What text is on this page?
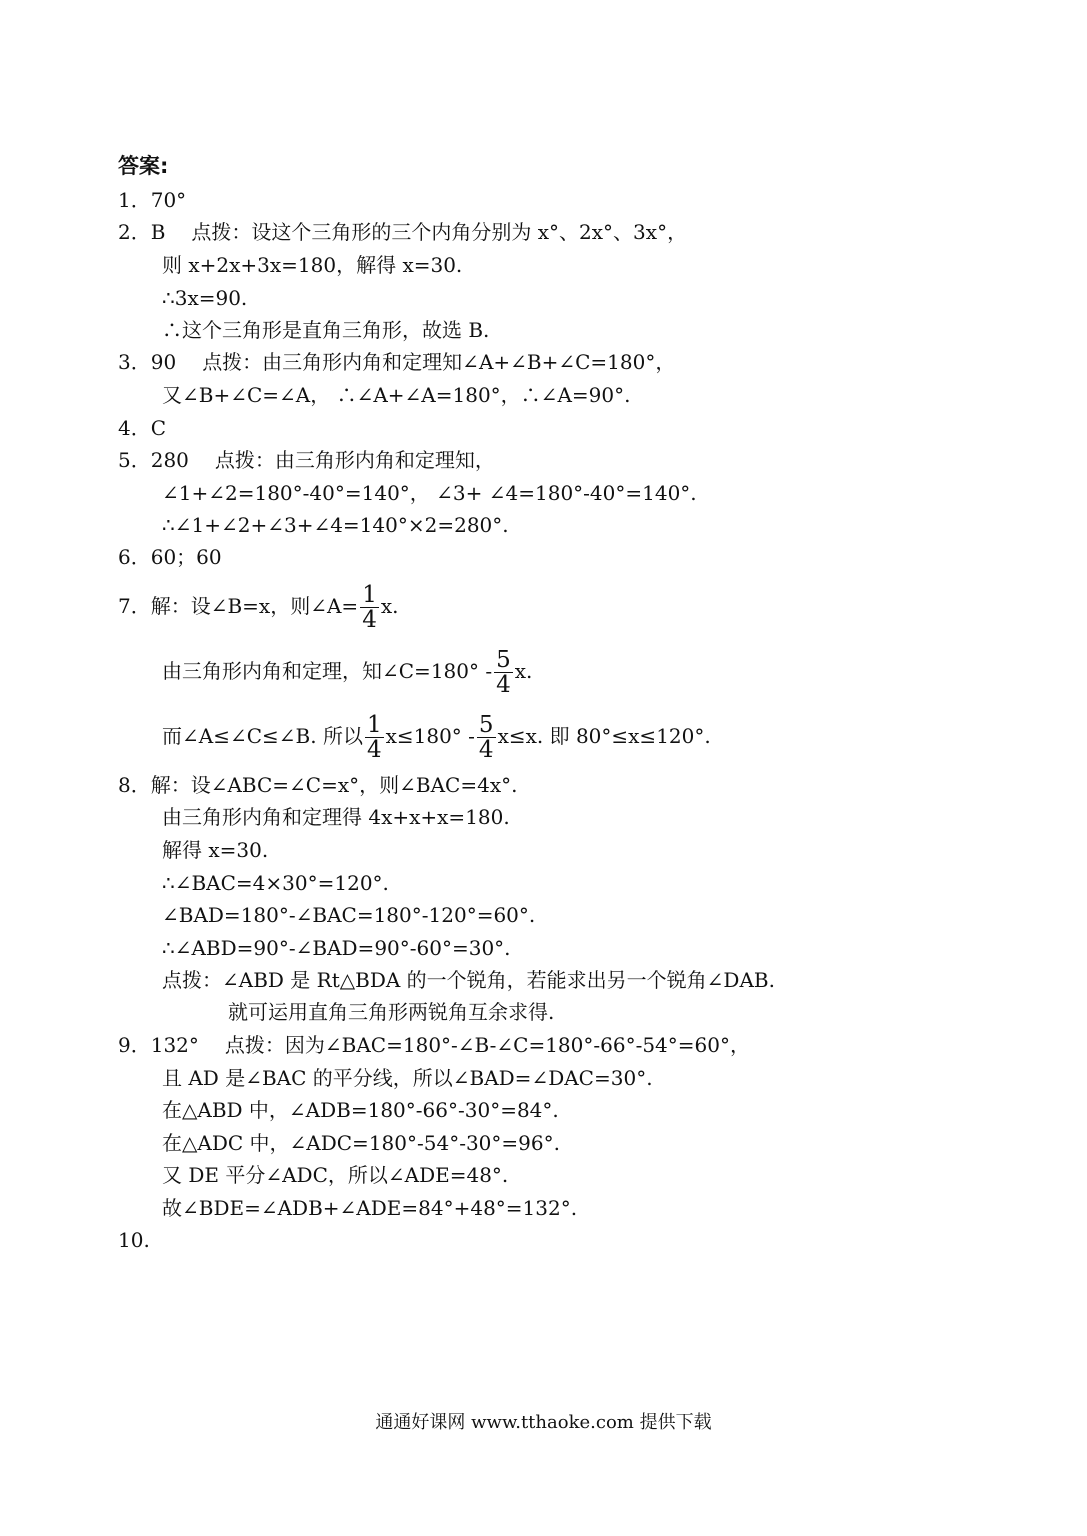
答案:
1．70°
2．B 点拨：设这个三角形的三个内角分别为 x°、2x°、3x°，
则 x+2x+3x=180，解得 x=30.
∴3x=90.
∴这个三角形是直角三角形，故选 B.
3．90 点拨：由三角形内角和定理知∠A+∠B+∠C=180°，
又∠B+∠C=∠A， ∴∠A+∠A=180°，∴∠A=90°.
4．C
5．280 点拨：由三角形内角和定理知，
∠1+∠2=180°-40°=140°， ∠3+ ∠4=180°-40°=140°.
∴∠1+∠2+∠3+∠4=140°×2=280°.
6．60；60
7．解：设∠B=x，则∠A= $\frac{1}{4} x$.
由三角形内角和定理，知∠C=180° - $\frac{5}{4} x$.
而∠A≤∠C≤∠B. 所以 $\frac{1}{4} x\le 180^\circ - \frac{5}{4} x\le x$. 即 80°≤x≤120°.
8．解：设∠ABC=∠C=x°，则∠BAC=4x°.
由三角形内角和定理得 4x+x+x=180.
解得 x=30.
∴∠BAC=4×30°=120°.
∠BAD=180°-∠BAC=180°-120°=60°.
∴∠ABD=90°-∠BAD=90°-60°=30°.
点拨：∠ABD 是 Rt△BDA 的一个锐角，若能求出另一个锐角∠DAB.
就可运用直角三角形两锐角互余求得.
9．132° 点拨：因为∠BAC=180°-∠B-∠C=180°-66°-54°=60°，
且 AD 是∠BAC 的平分线，所以∠BAD=∠DAC=30°.
在△ABD 中，∠ADB=180°-66°-30°=84°.
在△ADC 中，∠ADC=180°-54°-30°=96°.
又 DE 平分∠ADC，所以∠ADE=48°.
故∠BDE=∠ADB+∠ADE=84°+48°=132°.
10.
通通好课网 www.tthaoke.com 提供下载
